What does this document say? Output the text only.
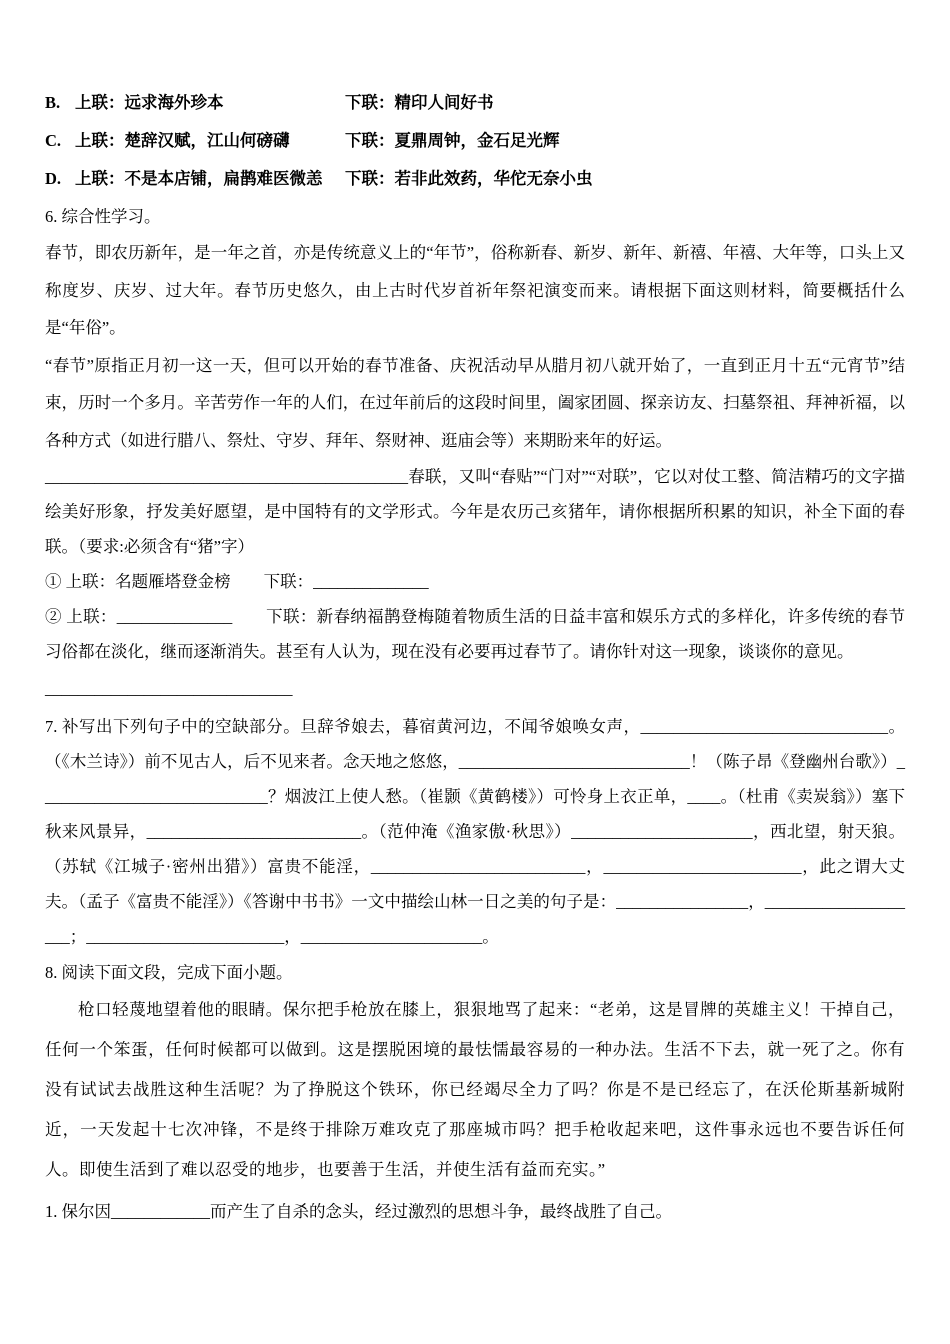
B. 上联：远求海外珍本	下联：精印人间好书
C. 上联：楚辞汉赋，江山何磅礴	下联：夏鼎周钟，金石足光辉
D. 上联：不是本店铺，扁鹊难医微恙	下联：若非此效药，华佗无奈小虫

6. 综合性学习。

春节，即农历新年，是一年之首，亦是传统意义上的“年节”，俗称新春、新岁、新年、新禧、年禧、大年等，口头上又称度岁、庆岁、过大年。春节历史悠久，由上古时代岁首祈年祭祀演变而来。请根据下面这则材料，简要概括什么是“年俗”。

“春节”原指正月初一这一天，但可以开始的春节准备、庆祝活动早从腊月初八就开始了，一直到正月十五“元宵节”结束，历时一个多月。辛苦劳作一年的人们，在过年前后的这段时间里，阖家团圆、探亲访友、扫墓祭祖、拜神祈福，以各种方式（如进行腊八、祭灶、守岁、拜年、祭财神、逛庙会等）来期盼来年的好运。

____________________________________________春联，又叫“春贴”“门对”“对联”，它以对仗工整、简洁精巧的文字描绘美好形象，抒发美好愿望，是中国特有的文学形式。今年是农历己亥猪年，请你根据所积累的知识，补全下面的春联。（要求:必须含有“猪”字）

① 上联：名题雁塔登金榜　　下联：______________

② 上联：______________　　下联：新春纳福鹊登梅随着物质生活的日益丰富和娱乐方式的多样化，许多传统的春节习俗都在淡化，继而逐渐消失。甚至有人认为，现在没有必要再过春节了。请你针对这一现象，谈谈你的意见。

______________________________

7. 补写出下列句子中的空缺部分。旦辞爷娘去，暮宿黄河边，不闻爷娘唤女声，______________________________。（《木兰诗》）前不见古人，后不见来者。念天地之悠悠，____________________________！（陈子昂《登幽州台歌》）____________________________？烟波江上使人愁。（崔颢《黄鹤楼》）可怜身上衣正单，____。（杜甫《卖炭翁》）塞下秋来风景异，__________________________。（范仲淹《渔家傲·秋思》）______________________，西北望，射天狼。（苏轼《江城子·密州出猎》）富贵不能淫，__________________________，________________________，此之谓大丈夫。（孟子《富贵不能淫》）《答谢中书书》一文中描绘山林一日之美的句子是：________________，____________________；________________________，______________________。

8. 阅读下面文段，完成下面小题。

枪口轻蔑地望着他的眼睛。保尔把手枪放在膝上，狠狠地骂了起来：“老弟，这是冒牌的英雄主义！干掉自己，任何一个笨蛋，任何时候都可以做到。这是摆脱困境的最怯懦最容易的一种办法。生活不下去，就一死了之。你有没有试试去战胜这种生活呢？为了挣脱这个铁环，你已经竭尽全力了吗？你是不是已经忘了，在沃伦斯基新城附近，一天发起十七次冲锋，不是终于排除万难攻克了那座城市吗？把手枪收起来吧，这件事永远也不要告诉任何人。即使生活到了难以忍受的地步，也要善于生活，并使生活有益而充实。”

1. 保尔因____________而产生了自杀的念头，经过激烈的思想斗争，最终战胜了自己。
